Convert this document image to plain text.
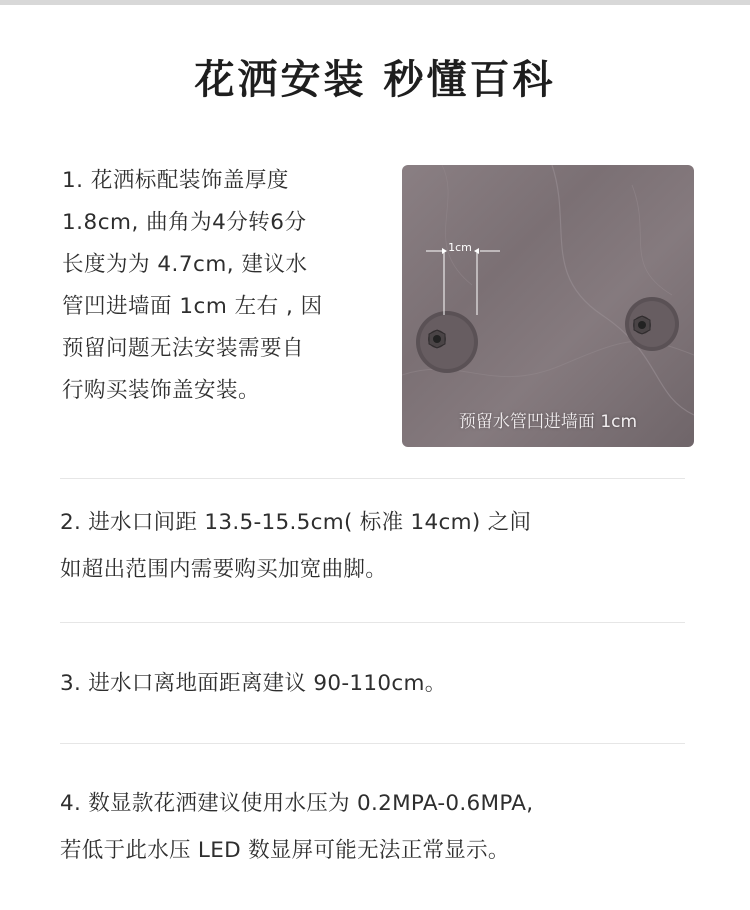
花洒安装 秒懂百科
1. 花洒标配装饰盖厚度
1.8cm, 曲角为4分转6分
长度为为 4.7cm, 建议水
管凹进墙面 1cm 左右 , 因
预留问题无法安装需要自
行购买装饰盖安装。
1cm
预留水管凹进墙面 1cm
2. 进水口间距 13.5-15.5cm( 标准 14cm) 之间
如超出范围内需要购买加宽曲脚。
3. 进水口离地面距离建议 90-110cm。
4. 数显款花洒建议使用水压为 0.2MPA-0.6MPA,
若低于此水压 LED 数显屏可能无法正常显示。
